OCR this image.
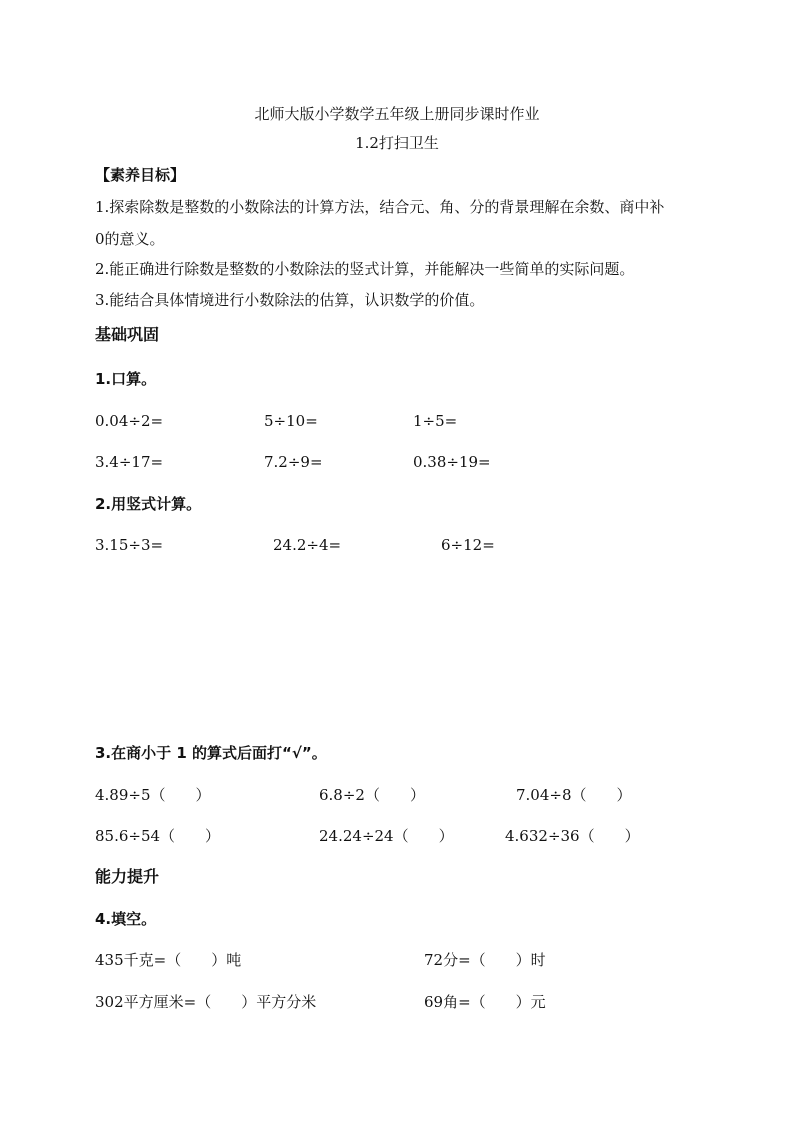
北师大版小学数学五年级上册同步课时作业
1.2打扫卫生
【素养目标】
1.探索除数是整数的小数除法的计算方法，结合元、角、分的背景理解在余数、商中补
0的意义。
2.能正确进行除数是整数的小数除法的竖式计算，并能解决一些简单的实际问题。
3.能结合具体情境进行小数除法的估算，认识数学的价值。
基础巩固
1.口算。
0.04÷2=	5÷10=	1÷5=
3.4÷17=	7.2÷9=	0.38÷19=
2.用竖式计算。
3.15÷3=	24.2÷4=	6÷12=
3.在商小于 1 的算式后面打“√”。
4.89÷5（　　）	6.8÷2（　　）	7.04÷8（　　）
85.6÷54（　　）	24.24÷24（　　）	4.632÷36（　　）
能力提升
4.填空。
435千克=（　　）吨	72分=（　　）时
302平方厘米=（　　）平方分米	69角=（　　）元
